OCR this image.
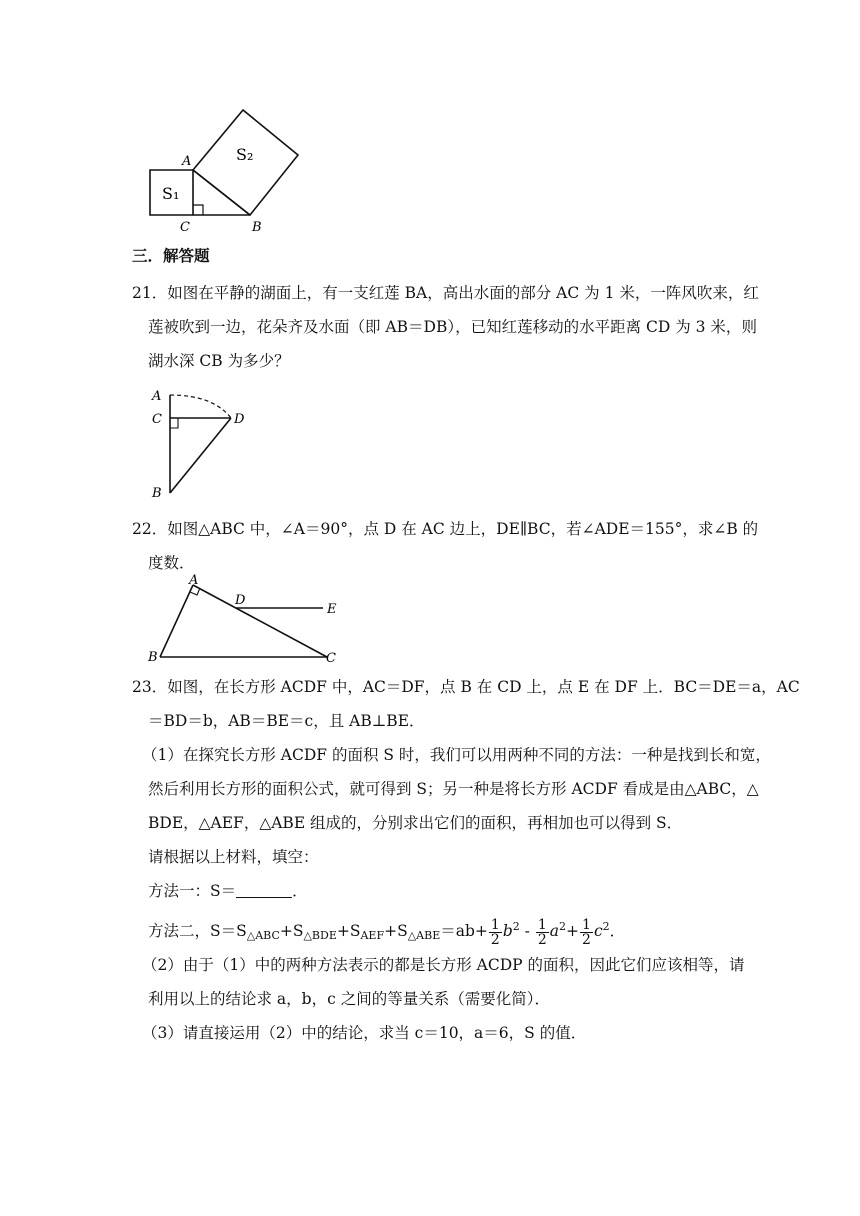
A
C	B
S₁
S₂
三．解答题
21．如图在平静的湖面上，有一支红莲 BA，高出水面的部分 AC 为 1 米，一阵风吹来，红
莲被吹到一边，花朵齐及水面（即 AB＝DB），已知红莲移动的水平距离 CD 为 3 米，则
湖水深 CB 为多少？
A
C	D
B
22．如图△ABC 中，∠A＝90°，点 D 在 AC 边上，DE∥BC，若∠ADE＝155°，求∠B 的
度数．
A
D
E
B	C
23．如图，在长方形 ACDF 中，AC＝DF，点 B 在 CD 上，点 E 在 DF 上．BC＝DE＝a，AC
＝BD＝b，AB＝BE＝c，且 AB⊥BE．
（1）在探究长方形 ACDF 的面积 S 时，我们可以用两种不同的方法：一种是找到长和宽，
然后利用长方形的面积公式，就可得到 S；另一种是将长方形 ACDF 看成是由△ABC，△
BDE，△AEF，△ABE 组成的，分别求出它们的面积，再相加也可以得到 S．
请根据以上材料，填空：
方法一：S＝	．
方法二，$S=S_{\triangle ABC}+S_{\triangle BDE}+S_{AEF}+S_{\triangle ABE}=ab+ \frac{1}{2} b^2 - \frac{1}{2} a^2+ \frac{1}{2} c^2$．
（2）由于（1）中的两种方法表示的都是长方形 ACDP 的面积，因此它们应该相等，请
利用以上的结论求 a，b，c 之间的等量关系（需要化简）．
（3）请直接运用（2）中的结论，求当 c＝10，a＝6，S 的值．
